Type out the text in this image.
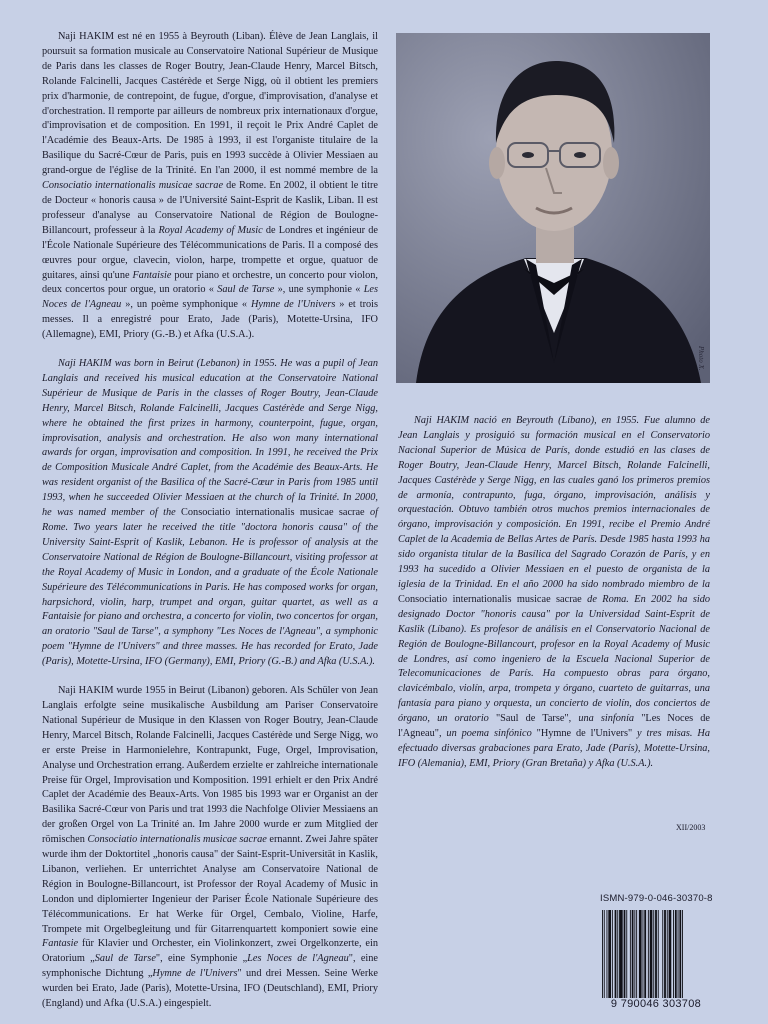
Naji HAKIM est né en 1955 à Beyrouth (Liban). Élève de Jean Langlais, il poursuit sa formation musicale au Conservatoire National Supérieur de Musique de Paris dans les classes de Roger Boutry, Jean-Claude Henry, Marcel Bitsch, Rolande Falcinelli, Jacques Castérède et Serge Nigg, où il obtient les premiers prix d'harmonie, de contrepoint, de fugue, d'orgue, d'improvisation, d'analyse et d'orchestration. Il remporte par ailleurs de nombreux prix internationaux d'orgue, d'improvisation et de composition. En 1991, il reçoit le Prix André Caplet de l'Académie des Beaux-Arts. De 1985 à 1993, il est l'organiste titulaire de la Basilique du Sacré-Cœur de Paris, puis en 1993 succède à Olivier Messiaen au grand-orgue de l'église de la Trinité. En l'an 2000, il est nommé membre de la Consociatio internationalis musicae sacrae de Rome. En 2002, il obtient le titre de Docteur « honoris causa » de l'Université Saint-Esprit de Kaslik, Liban. Il est professeur d'analyse au Conservatoire National de Région de Boulogne-Billancourt, professeur à la Royal Academy of Music de Londres et ingénieur de l'École Nationale Supérieure des Télécommunications de Paris. Il a composé des œuvres pour orgue, clavecin, violon, harpe, trompette et orgue, quatuor de guitares, ainsi qu'une Fantaisie pour piano et orchestre, un concerto pour violon, deux concertos pour orgue, un oratorio « Saul de Tarse », une symphonie « Les Noces de l'Agneau », un poème symphonique « Hymne de l'Univers » et trois messes. Il a enregistré pour Erato, Jade (Paris), Motette-Ursina, IFO (Allemagne), EMI, Priory (G.-B.) et Afka (U.S.A.).

Naji HAKIM was born in Beirut (Lebanon) in 1955. He was a pupil of Jean Langlais and received his musical education at the Conservatoire National Supérieur de Musique de Paris in the classes of Roger Boutry, Jean-Claude Henry, Marcel Bitsch, Rolande Falcinelli, Jacques Castérède and Serge Nigg, where he obtained the first prizes in harmony, counterpoint, fugue, organ, improvisation, analysis and orchestration. He also won many international awards for organ, improvisation and composition. In 1991, he received the Prix de Composition Musicale André Caplet, from the Académie des Beaux-Arts. He was resident organist of the Basilica of the Sacré-Cœur in Paris from 1985 until 1993, when he succeeded Olivier Messiaen at the church of la Trinité. In 2000, he was named member of the Consociatio internationalis musicae sacrae of Rome. Two years later he received the title "doctora honoris causa" of the University Saint-Esprit of Kaslik, Lebanon. He is professor of analysis at the Conservatoire National de Région de Boulogne-Billancourt, visiting professor at the Royal Academy of Music in London, and a graduate of the École Nationale Supérieure des Télécommunications in Paris. He has composed works for organ, harpsichord, violin, harp, trumpet and organ, guitar quartet, as well as a Fantaisie for piano and orchestra, a concerto for violin, two concertos for organ, an oratorio "Saul de Tarse", a symphony "Les Noces de l'Agneau", a symphonic poem "Hymne de l'Univers" and three masses. He has recorded for Erato, Jade (Paris), Motette-Ursina, IFO (Germany), EMI, Priory (G.-B.) and Afka (U.S.A.).

Naji HAKIM wurde 1955 in Beirut (Libanon) geboren. Als Schüler von Jean Langlais erfolgte seine musikalische Ausbildung am Pariser Conservatoire National Supérieur de Musique in den Klassen von Roger Boutry, Jean-Claude Henry, Marcel Bitsch, Rolande Falcinelli, Jacques Castérède und Serge Nigg, wo er erste Preise in Harmonielehre, Kontrapunkt, Fuge, Orgel, Improvisation, Analyse und Orchestration errang. Außerdem erzielte er zahlreiche internationale Preise für Orgel, Improvisation und Komposition. 1991 erhielt er den Prix André Caplet der Académie des Beaux-Arts. Von 1985 bis 1993 war er Organist an der Basilika Sacré-Cœur von Paris und trat 1993 die Nachfolge Olivier Messiaens an der großen Orgel von La Trinité an. Im Jahre 2000 wurde er zum Mitglied der römischen Consociatio internationalis musicae sacrae ernannt. Zwei Jahre später wurde ihm der Doktortitel „honoris causa" der Saint-Esprit-Universität in Kaslik, Libanon, verliehen. Er unterrichtet Analyse am Conservatoire National de Région in Boulogne-Billancourt, ist Professor der Royal Academy of Music in London und diplomierter Ingenieur der Pariser École Nationale Supérieure des Télécommunications. Er hat Werke für Orgel, Cembalo, Violine, Harfe, Trompete mit Orgelbegleitung und für Gitarrenquartett komponiert sowie eine Fantasie für Klavier und Orchester, ein Violinkonzert, zwei Orgelkonzerte, ein Oratorium „Saul de Tarse", eine Symphonie „Les Noces de l'Agneau", eine symphonische Dichtung „Hymne de l'Univers" und drei Messen. Seine Werke wurden bei Erato, Jade (Paris), Motette-Ursina, IFO (Deutschland), EMI, Priory (England) und Afka (U.S.A.) eingespielt.

Photo X.

Naji HAKIM nació en Beyrouth (Líbano), en 1955. Fue alumno de Jean Langlais y prosiguió su formación musical en el Conservatorio Nacional Superior de Música de París, donde estudió en las clases de Roger Boutry, Jean-Claude Henry, Marcel Bitsch, Rolande Falcinelli, Jacques Castérède y Serge Nigg, en las cuales ganó los primeros premios de armonía, contrapunto, fuga, órgano, improvisación, análisis y orquestación. Obtuvo también otros muchos premios internacionales de órgano, improvisación y composición. En 1991, recibe el Premio André Caplet de la Academia de Bellas Artes de París. Desde 1985 hasta 1993 ha sido organista titular de la Basílica del Sagrado Corazón de París, y en 1993 ha sucedido a Olivier Messiaen en el puesto de organista de la iglesia de la Trinidad. En el año 2000 ha sido nombrado miembro de la Consociatio internationalis musicae sacrae de Roma. En 2002 ha sido designado Doctor "honoris causa" por la Universidad Saint-Esprit de Kaslik (Líbano). Es profesor de análisis en el Conservatorio Nacional de Región de Boulogne-Billancourt, profesor en la Royal Academy of Music de Londres, así como ingeniero de la Escuela Nacional Superior de Telecomunicaciones de París. Ha compuesto obras para órgano, clavicémbalo, violín, arpa, trompeta y órgano, cuarteto de guitarras, una fantasía para piano y orquesta, un concierto de violín, dos conciertos de órgano, un oratorio "Saul de Tarse", una sinfonía "Les Noces de l'Agneau", un poema sinfónico "Hymne de l'Univers" y tres misas. Ha efectuado diversas grabaciones para Erato, Jade (París), Motette-Ursina, IFO (Alemania), EMI, Priory (Gran Bretaña) y Afka (U.S.A.).

XII/2003
ISMN-979-0-046-30370-8
9 790046 303708
